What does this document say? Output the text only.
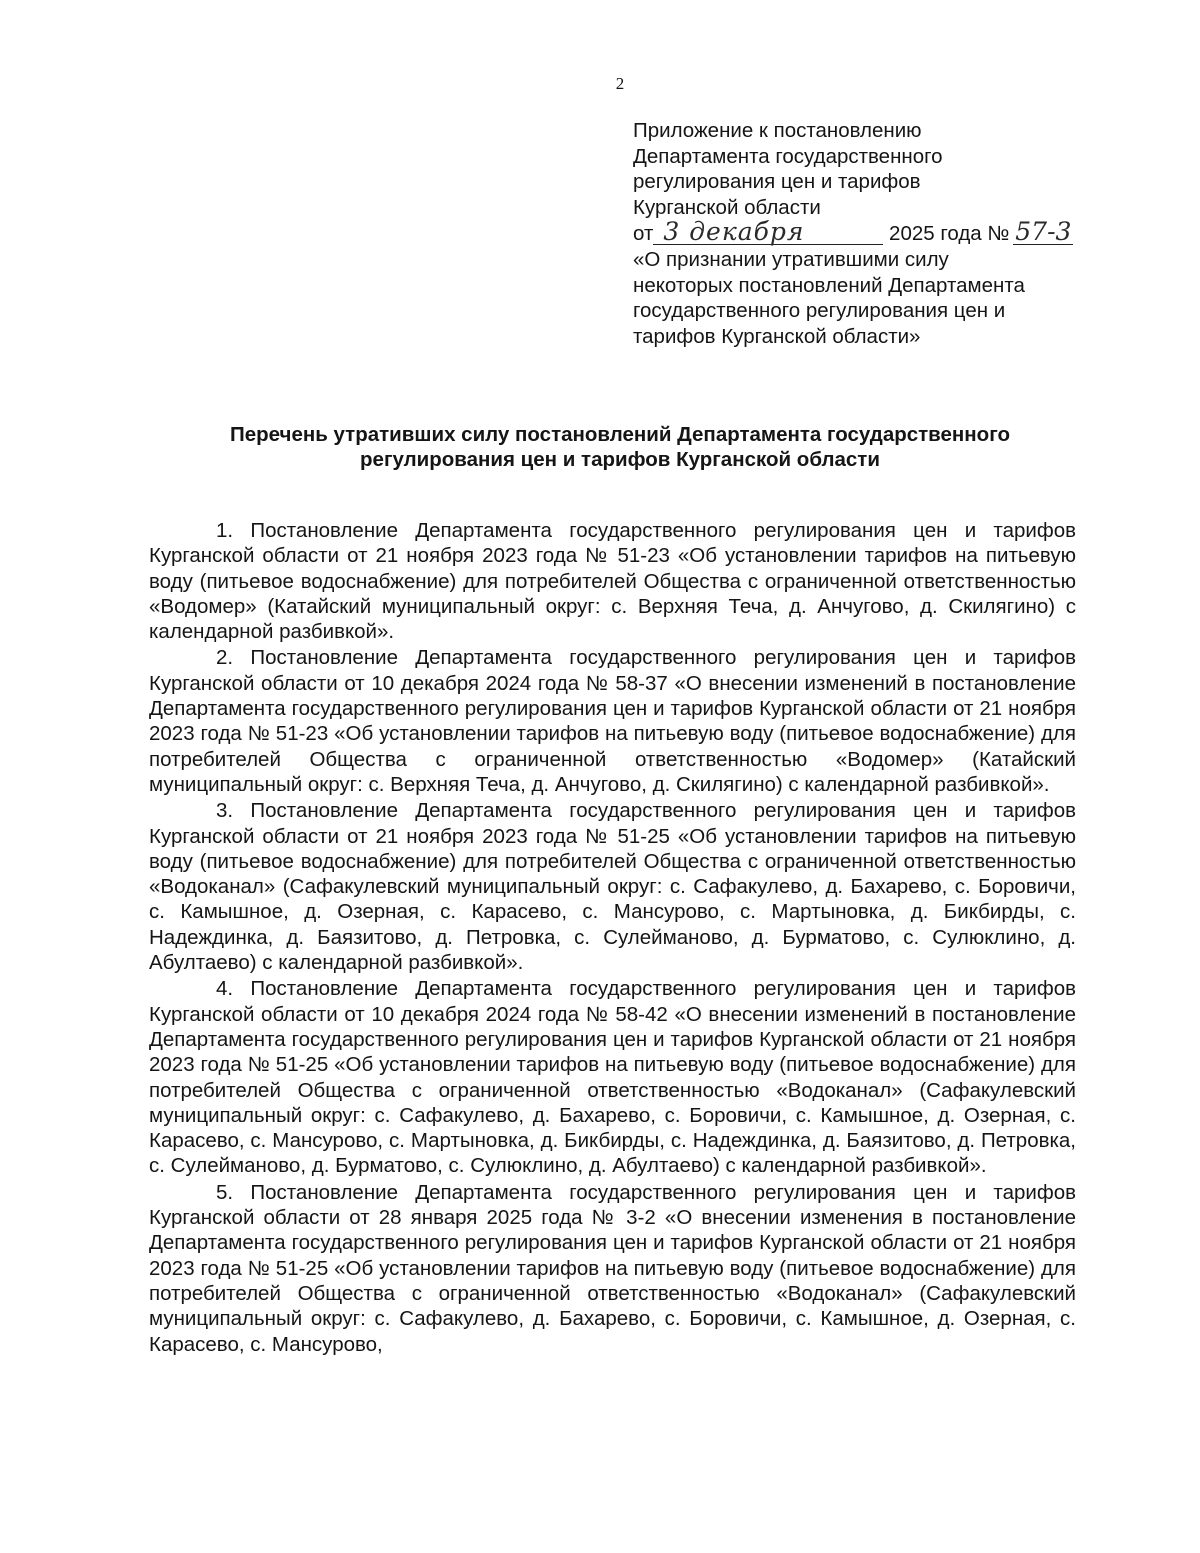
2
Приложение к постановлению
Департамента государственного
регулирования цен и тарифов
Курганской области
от 3 декабря	2025 года № 57-3
«О признании утратившими силу
некоторых постановлений Департамента
государственного регулирования цен и
тарифов Курганской области»
Перечень утративших силу постановлений Департамента государственного
регулирования цен и тарифов Курганской области

1. Постановление Департамента государственного регулирования цен и тарифов Курганской области от 21 ноября 2023 года № 51-23 «Об установлении тарифов на питьевую воду (питьевое водоснабжение) для потребителей Общества с ограниченной ответственностью «Водомер» (Катайский муниципальный округ: с. Верхняя Теча, д. Анчугово, д. Скилягино) с календарной разбивкой».

2. Постановление Департамента государственного регулирования цен и тарифов Курганской области от 10 декабря 2024 года № 58-37 «О внесении изменений в постановление Департамента государственного регулирования цен и тарифов Курганской области от 21 ноября 2023 года № 51-23 «Об установлении тарифов на питьевую воду (питьевое водоснабжение) для потребителей Общества с ограниченной ответственностью «Водомер» (Катайский муниципальный округ: с. Верхняя Теча, д. Анчугово, д. Скилягино) с календарной разбивкой».

3. Постановление Департамента государственного регулирования цен и тарифов Курганской области от 21 ноября 2023 года № 51-25 «Об установлении тарифов на питьевую воду (питьевое водоснабжение) для потребителей Общества с ограниченной ответственностью «Водоканал» (Сафакулевский муниципальный округ: с. Сафакулево, д. Бахарево, с. Боровичи, с. Камышное, д. Озерная, с. Карасево, с. Мансурово, с. Мартыновка, д. Бикбирды, с. Надеждинка, д. Баязитово, д. Петровка, с. Сулейманово, д. Бурматово, с. Сулюклино, д. Абултаево) с календарной разбивкой».

4. Постановление Департамента государственного регулирования цен и тарифов Курганской области от 10 декабря 2024 года № 58-42 «О внесении изменений в постановление Департамента государственного регулирования цен и тарифов Курганской области от 21 ноября 2023 года № 51-25 «Об установлении тарифов на питьевую воду (питьевое водоснабжение) для потребителей Общества с ограниченной ответственностью «Водоканал» (Сафакулевский муниципальный округ: с. Сафакулево, д. Бахарево, с. Боровичи, с. Камышное, д. Озерная, с. Карасево, с. Мансурово, с. Мартыновка, д. Бикбирды, с. Надеждинка, д. Баязитово, д. Петровка, с. Сулейманово, д. Бурматово, с. Сулюклино, д. Абултаево) с календарной разбивкой».

5. Постановление Департамента государственного регулирования цен и тарифов Курганской области от 28 января 2025 года № 3-2 «О внесении изменения в постановление Департамента государственного регулирования цен и тарифов Курганской области от 21 ноября 2023 года № 51-25 «Об установлении тарифов на питьевую воду (питьевое водоснабжение) для потребителей Общества с ограниченной ответственностью «Водоканал» (Сафакулевский муниципальный округ: с. Сафакулево, д. Бахарево, с. Боровичи, с. Камышное, д. Озерная, с. Карасево, с. Мансурово,
